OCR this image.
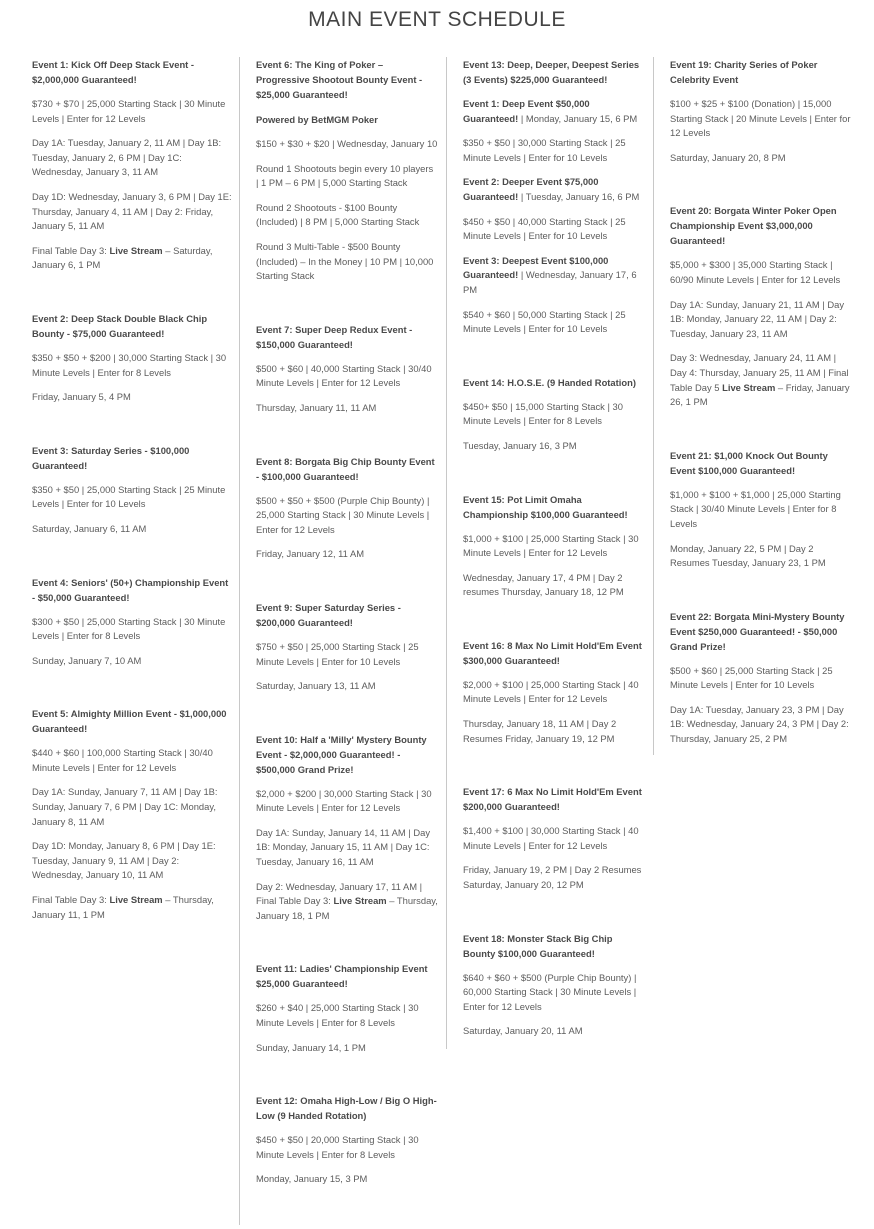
MAIN EVENT SCHEDULE
Event 1: Kick Off Deep Stack Event - $2,000,000 Guaranteed!
$730 + $70 | 25,000 Starting Stack | 30 Minute Levels | Enter for 12 Levels
Day 1A: Tuesday, January 2, 11 AM | Day 1B: Tuesday, January 2, 6 PM | Day 1C: Wednesday, January 3, 11 AM
Day 1D: Wednesday, January 3, 6 PM | Day 1E: Thursday, January 4, 11 AM | Day 2: Friday, January 5, 11 AM
Final Table Day 3: Live Stream – Saturday, January 6, 1 PM
Event 2: Deep Stack Double Black Chip Bounty - $75,000 Guaranteed!
$350 + $50 + $200 | 30,000 Starting Stack | 30 Minute Levels | Enter for 8 Levels
Friday, January 5, 4 PM
Event 3: Saturday Series - $100,000 Guaranteed!
$350 + $50 | 25,000 Starting Stack | 25 Minute Levels | Enter for 10 Levels
Saturday, January 6, 11 AM
Event 4: Seniors' (50+) Championship Event - $50,000 Guaranteed!
$300 + $50 | 25,000 Starting Stack | 30 Minute Levels | Enter for 8 Levels
Sunday, January 7, 10 AM
Event 5: Almighty Million Event - $1,000,000 Guaranteed!
$440 + $60 | 100,000 Starting Stack | 30/40 Minute Levels | Enter for 12 Levels
Day 1A: Sunday, January 7, 11 AM | Day 1B: Sunday, January 7, 6 PM | Day 1C: Monday, January 8, 11 AM
Day 1D: Monday, January 8, 6 PM | Day 1E: Tuesday, January 9, 11 AM | Day 2: Wednesday, January 10, 11 AM
Final Table Day 3: Live Stream – Thursday, January 11, 1 PM
Event 6: The King of Poker – Progressive Shootout Bounty Event - $25,000 Guaranteed!
Powered by BetMGM Poker
$150 + $30 + $20 | Wednesday, January 10
Round 1 Shootouts begin every 10 players | 1 PM – 6 PM | 5,000 Starting Stack
Round 2 Shootouts - $100 Bounty (Included) | 8 PM | 5,000 Starting Stack
Round 3 Multi-Table - $500 Bounty (Included) – In the Money | 10 PM | 10,000 Starting Stack
Event 7: Super Deep Redux Event - $150,000 Guaranteed!
$500 + $60 | 40,000 Starting Stack | 30/40 Minute Levels | Enter for 12 Levels
Thursday, January 11, 11 AM
Event 8: Borgata Big Chip Bounty Event - $100,000 Guaranteed!
$500 + $50 + $500 (Purple Chip Bounty) | 25,000 Starting Stack | 30 Minute Levels | Enter for 12 Levels
Friday, January 12, 11 AM
Event 9: Super Saturday Series - $200,000 Guaranteed!
$750 + $50 | 25,000 Starting Stack | 25 Minute Levels | Enter for 10 Levels
Saturday, January 13, 11 AM
Event 10: Half a 'Milly' Mystery Bounty Event - $2,000,000 Guaranteed! - $500,000 Grand Prize!
$2,000 + $200 | 30,000 Starting Stack | 30 Minute Levels | Enter for 12 Levels
Day 1A: Sunday, January 14, 11 AM | Day 1B: Monday, January 15, 11 AM | Day 1C: Tuesday, January 16, 11 AM
Day 2: Wednesday, January 17, 11 AM | Final Table Day 3: Live Stream – Thursday, January 18, 1 PM
Event 11: Ladies' Championship Event $25,000 Guaranteed!
$260 + $40 | 25,000 Starting Stack | 30 Minute Levels | Enter for 8 Levels
Sunday, January 14, 1 PM
Event 12: Omaha High-Low / Big O High-Low (9 Handed Rotation)
$450 + $50 | 20,000 Starting Stack | 30 Minute Levels | Enter for 8 Levels
Monday, January 15, 3 PM
Event 13: Deep, Deeper, Deepest Series (3 Events) $225,000 Guaranteed!
Event 1: Deep Event $50,000 Guaranteed! | Monday, January 15, 6 PM
$350 + $50 | 30,000 Starting Stack | 25 Minute Levels | Enter for 10 Levels
Event 2: Deeper Event $75,000 Guaranteed! | Tuesday, January 16, 6 PM
$450 + $50 | 40,000 Starting Stack | 25 Minute Levels | Enter for 10 Levels
Event 3: Deepest Event $100,000 Guaranteed! | Wednesday, January 17, 6 PM
$540 + $60 | 50,000 Starting Stack | 25 Minute Levels | Enter for 10 Levels
Event 14: H.O.S.E. (9 Handed Rotation)
$450+ $50 | 15,000 Starting Stack | 30 Minute Levels | Enter for 8 Levels
Tuesday, January 16, 3 PM
Event 15: Pot Limit Omaha Championship $100,000 Guaranteed!
$1,000 + $100 | 25,000 Starting Stack | 30 Minute Levels | Enter for 12 Levels
Wednesday, January 17, 4 PM | Day 2 resumes Thursday, January 18, 12 PM
Event 16: 8 Max No Limit Hold'Em Event $300,000 Guaranteed!
$2,000 + $100 | 25,000 Starting Stack | 40 Minute Levels | Enter for 12 Levels
Thursday, January 18, 11 AM | Day 2 Resumes Friday, January 19, 12 PM
Event 17: 6 Max No Limit Hold'Em Event $200,000 Guaranteed!
$1,400 + $100 | 30,000 Starting Stack | 40 Minute Levels | Enter for 12 Levels
Friday, January 19, 2 PM | Day 2 Resumes Saturday, January 20, 12 PM
Event 18: Monster Stack Big Chip Bounty $100,000 Guaranteed!
$640 + $60 + $500 (Purple Chip Bounty) | 60,000 Starting Stack | 30 Minute Levels | Enter for 12 Levels
Saturday, January 20, 11 AM
Event 19: Charity Series of Poker Celebrity Event
$100 + $25 + $100 (Donation) | 15,000 Starting Stack | 20 Minute Levels | Enter for 12 Levels
Saturday, January 20, 8 PM
Event 20: Borgata Winter Poker Open Championship Event $3,000,000 Guaranteed!
$5,000 + $300 | 35,000 Starting Stack | 60/90 Minute Levels | Enter for 12 Levels
Day 1A: Sunday, January 21, 11 AM | Day 1B: Monday, January 22, 11 AM | Day 2: Tuesday, January 23, 11 AM
Day 3: Wednesday, January 24, 11 AM | Day 4: Thursday, January 25, 11 AM | Final Table Day 5 Live Stream – Friday, January 26, 1 PM
Event 21: $1,000 Knock Out Bounty Event $100,000 Guaranteed!
$1,000 + $100 + $1,000 | 25,000 Starting Stack | 30/40 Minute Levels | Enter for 8 Levels
Monday, January 22, 5 PM | Day 2 Resumes Tuesday, January 23, 1 PM
Event 22: Borgata Mini-Mystery Bounty Event $250,000 Guaranteed! - $50,000 Grand Prize!
$500 + $60 | 25,000 Starting Stack | 25 Minute Levels | Enter for 10 Levels
Day 1A: Tuesday, January 23, 3 PM | Day 1B: Wednesday, January 24, 3 PM | Day 2: Thursday, January 25, 2 PM
